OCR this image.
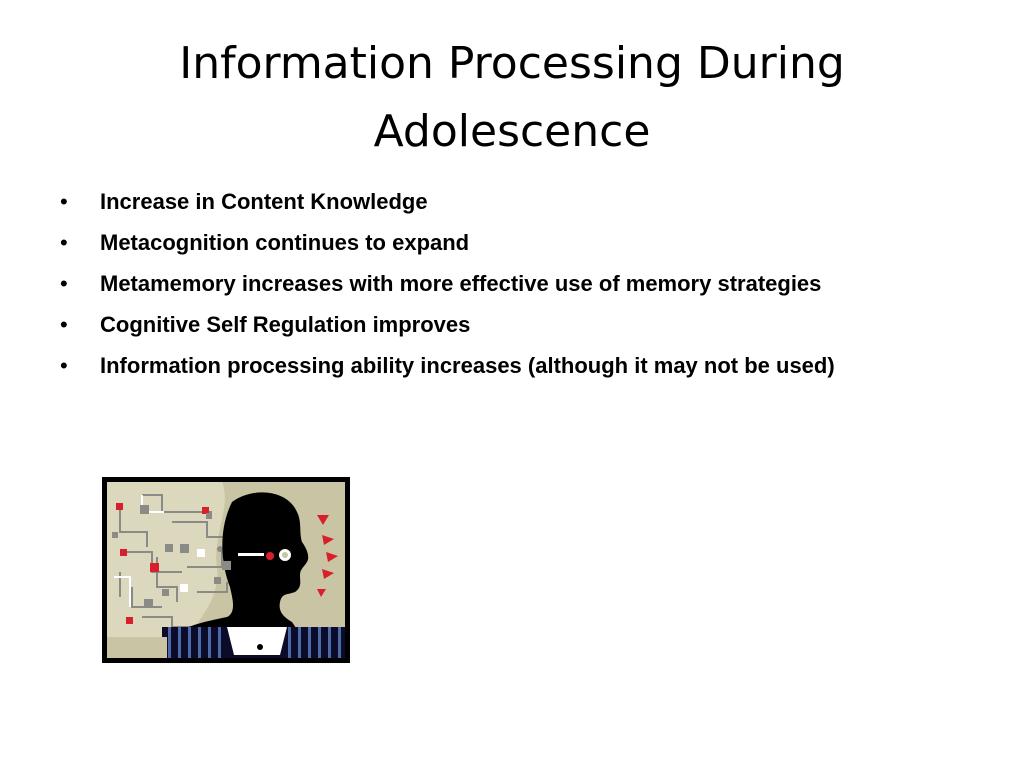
Information Processing During
Adolescence
• Increase in Content Knowledge
• Metacognition continues to expand
• Metamemory increases with more effective use of memory strategies
• Cognitive Self Regulation improves
• Information processing ability increases (although it may not be used)
